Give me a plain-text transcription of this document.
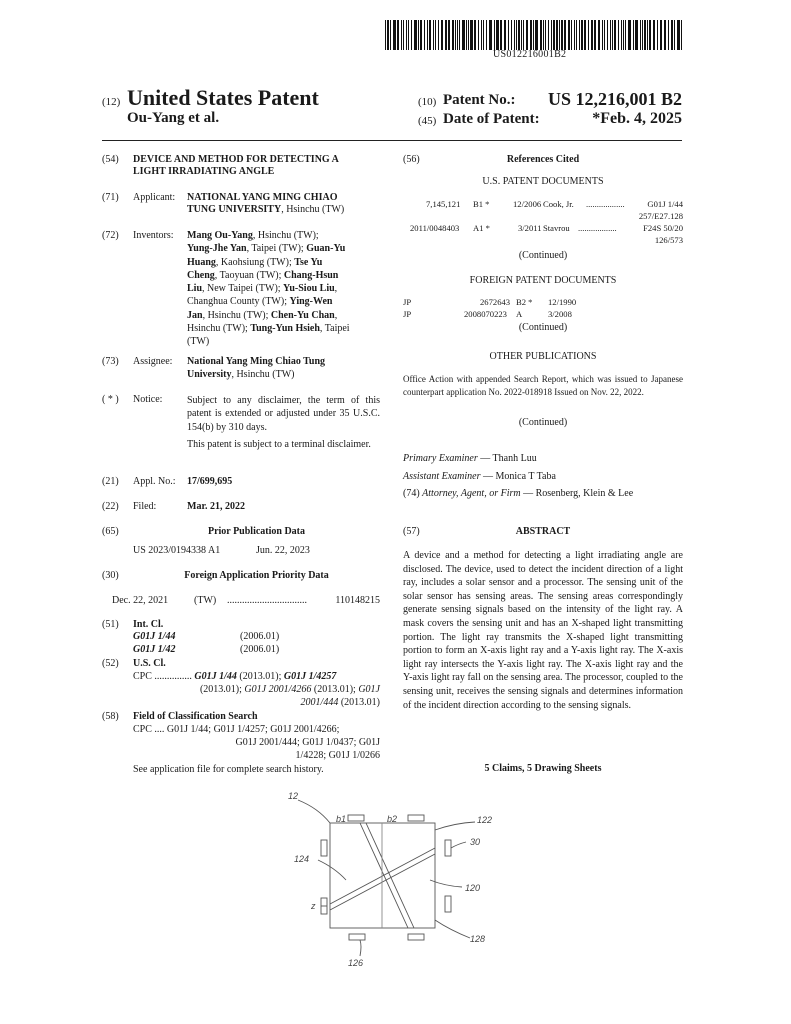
US012216001B2
(12) United States Patent
Ou-Yang et al.
(10) Patent No.:	US 12,216,001 B2
(45) Date of Patent:	*Feb. 4, 2025
(54) DEVICE AND METHOD FOR DETECTING A
LIGHT IRRADIATING ANGLE
(71) Applicant: NATIONAL YANG MING CHIAO
TUNG UNIVERSITY, Hsinchu (TW)
(72) Inventors: Mang Ou-Yang, Hsinchu (TW);
Yung-Jhe Yan, Taipei (TW); Guan-Yu
Huang, Kaohsiung (TW); Tse Yu
Cheng, Taoyuan (TW); Chang-Hsun
Liu, New Taipei (TW); Yu-Siou Liu,
Changhua County (TW); Ying-Wen
Jan, Hsinchu (TW); Chen-Yu Chan,
Hsinchu (TW); Tung-Yun Hsieh, Taipei
(TW)
(73) Assignee: National Yang Ming Chiao Tung
University, Hsinchu (TW)
( * ) Notice: Subject to any disclaimer, the term of this patent is extended or adjusted under 35 U.S.C. 154(b) by 310 days.
This patent is subject to a terminal disclaimer.
(21) Appl. No.: 17/699,695
(22) Filed:	Mar. 21, 2022
(65)	Prior Publication Data
US 2023/0194338 A1	Jun. 22, 2023
(30)	Foreign Application Priority Data
Dec. 22, 2021	(TW) ................................	110148215
(51) Int. Cl.
G01J 1/44	(2006.01)
G01J 1/42	(2006.01)
(52) U.S. Cl.
CPC ............... G01J 1/44 (2013.01); G01J 1/4257
(2013.01); G01J 2001/4266 (2013.01); G01J
2001/444 (2013.01)
(58) Field of Classification Search
CPC .... G01J 1/44; G01J 1/4257; G01J 2001/4266;
G01J 2001/444; G01J 1/0437; G01J
1/4228; G01J 1/0266
See application file for complete search history.
(56)	References Cited
U.S. PATENT DOCUMENTS
7,145,121 B1 *	12/2006 Cook, Jr. ..................	G01J 1/44
257/E27.128
2011/0048403 A1 *	3/2011 Stavrou ..................	F24S 50/20
126/573
(Continued)
FOREIGN PATENT DOCUMENTS
JP	2672643 B2 * 12/1990
JP	2008070223 A	3/2008
(Continued)
OTHER PUBLICATIONS
Office Action with appended Search Report, which was issued to Japanese counterpart application No. 2022-018918 Issued on Nov. 22, 2022.
(Continued)
Primary Examiner — Thanh Luu
Assistant Examiner — Monica T Taba
(74) Attorney, Agent, or Firm — Rosenberg, Klein & Lee
(57)	ABSTRACT
A device and a method for detecting a light irradiating angle are disclosed. The device, used to detect the incident direction of a light ray, includes a solar sensor and a processor. The sensing unit of the solar sensor has sensing areas. The sensing areas correspondingly generate sensing signals based on the intensity of the light ray. A mask covers the sensing unit and has an X-shaped light transmitting portion. The light ray transmits the X-shaped light transmitting portion to form an X-axis light ray and a Y-axis light ray. The X-axis light ray intersects the Y-axis light ray. The X-axis light ray and the Y-axis light ray fall on the sensing area. The processor, coupled to the sensing unit, receives the sensing signals and determines information of the incident direction according to the sensing signals.
5 Claims, 5 Drawing Sheets
12
b1	b2	122
30
124
120
z
128
126
